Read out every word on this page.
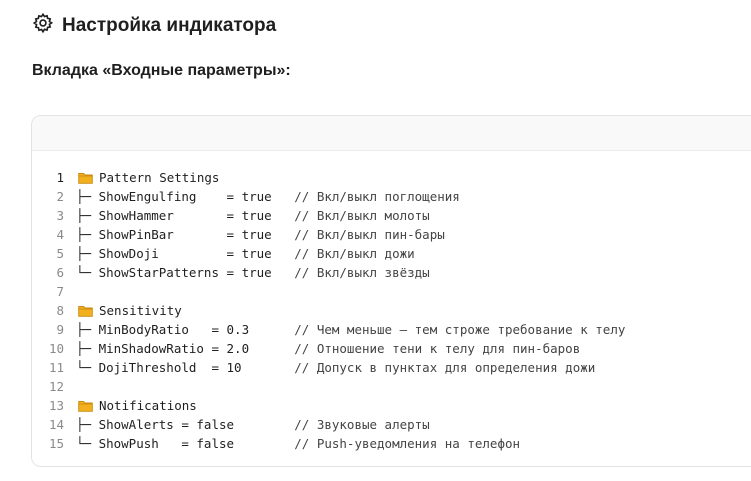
Настройка индикатора
Вкладка «Входные параметры»:
1	Pattern Settings
2 ├─ ShowEngulfing    = true // Вкл/выкл поглощения
3 ├─ ShowHammer       = true // Вкл/выкл молоты
4 ├─ ShowPinBar       = true // Вкл/выкл пин-бары
5 ├─ ShowDoji         = true // Вкл/выкл дожи
6 └─ ShowStarPatterns = true // Вкл/выкл звёзды
7
8	Sensitivity
9 ├─ MinBodyRatio   = 0.3 // Чем меньше — тем строже требование к телу
10 ├─ MinShadowRatio = 2.0 // Отношение тени к телу для пин-баров
11 └─ DojiThreshold  = 10 // Допуск в пунктах для определения дожи
12
13	Notifications
14 ├─ ShowAlerts = false // Звуковые алерты
15 └─ ShowPush   = false // Push-уведомления на телефон
